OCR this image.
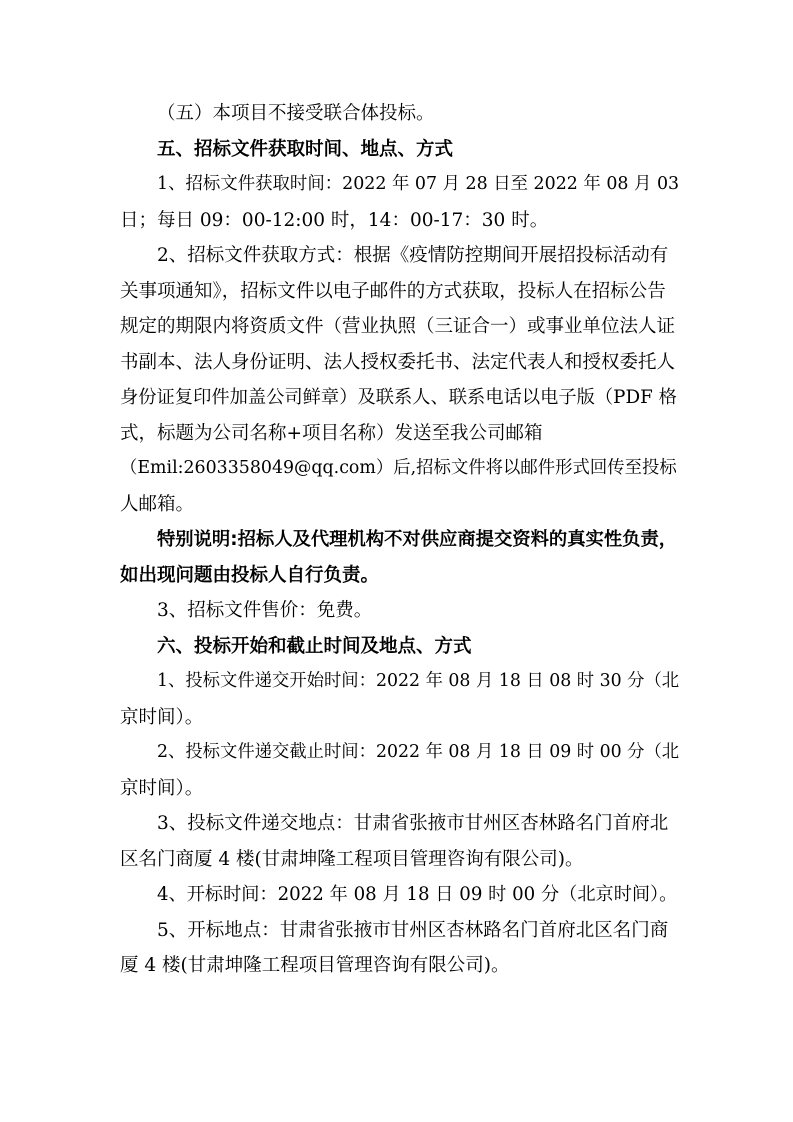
（五）本项目不接受联合体投标。
五、招标文件获取时间、地点、方式
1、招标文件获取时间：2022 年 07 月 28 日至 2022 年 08 月 03
日；每日 09：00-12:00 时，14：00-17：30 时。
2、招标文件获取方式：根据《疫情防控期间开展招投标活动有
关事项通知》，招标文件以电子邮件的方式获取，投标人在招标公告
规定的期限内将资质文件（营业执照（三证合一）或事业单位法人证
书副本、法人身份证明、法人授权委托书、法定代表人和授权委托人
身份证复印件加盖公司鲜章）及联系人、联系电话以电子版（PDF 格
式，标题为公司名称+项目名称）发送至我公司邮箱
（Emil:2603358049@qq.com）后,招标文件将以邮件形式回传至投标
人邮箱。
特别说明:招标人及代理机构不对供应商提交资料的真实性负责，
如出现问题由投标人自行负责。
3、招标文件售价：免费。
六、投标开始和截止时间及地点、方式
1、投标文件递交开始时间：2022 年 08 月 18 日 08 时 30 分（北
京时间）。
2、投标文件递交截止时间：2022 年 08 月 18 日 09 时 00 分（北
京时间）。
3、投标文件递交地点：甘肃省张掖市甘州区杏林路名门首府北
区名门商厦 4 楼(甘肃坤隆工程项目管理咨询有限公司)。
4、开标时间：2022 年 08 月 18 日 09 时 00 分（北京时间）。
5、开标地点：甘肃省张掖市甘州区杏林路名门首府北区名门商
厦 4 楼(甘肃坤隆工程项目管理咨询有限公司)。
